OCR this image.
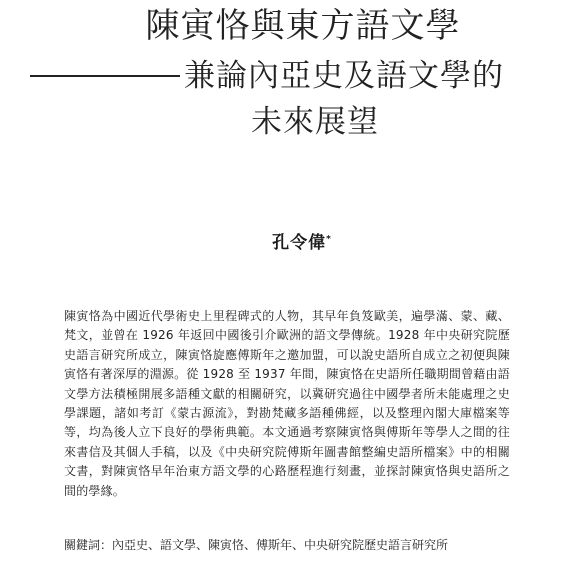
陳寅恪與東方語文學
兼論內亞史及語文學的
未來展望
孔令偉*
陳寅恪為中國近代學術史上里程碑式的人物，其早年負笈歐美，遍學滿、蒙、藏、梵文，並曾在 1926 年返回中國後引介歐洲的語文學傳統。1928 年中央研究院歷史語言研究所成立，陳寅恪旋應傅斯年之邀加盟，可以說史語所自成立之初便與陳寅恪有著深厚的淵源。從 1928 至 1937 年間，陳寅恪在史語所任職期間曾藉由語文學方法積極開展多語種文獻的相關研究，以冀研究過往中國學者所未能處理之史學課題，諸如考訂《蒙古源流》，對勘梵藏多語種佛經，以及整理內閣大庫檔案等等，均為後人立下良好的學術典範。本文通過考察陳寅恪與傅斯年等學人之間的往來書信及其個人手稿，以及《中央研究院傅斯年圖書館整編史語所檔案》中的相關文書，對陳寅恪早年治東方語文學的心路歷程進行刻畫，並探討陳寅恪與史語所之間的學緣。
關鍵詞：內亞史、語文學、陳寅恪、傅斯年、中央研究院歷史語言研究所
